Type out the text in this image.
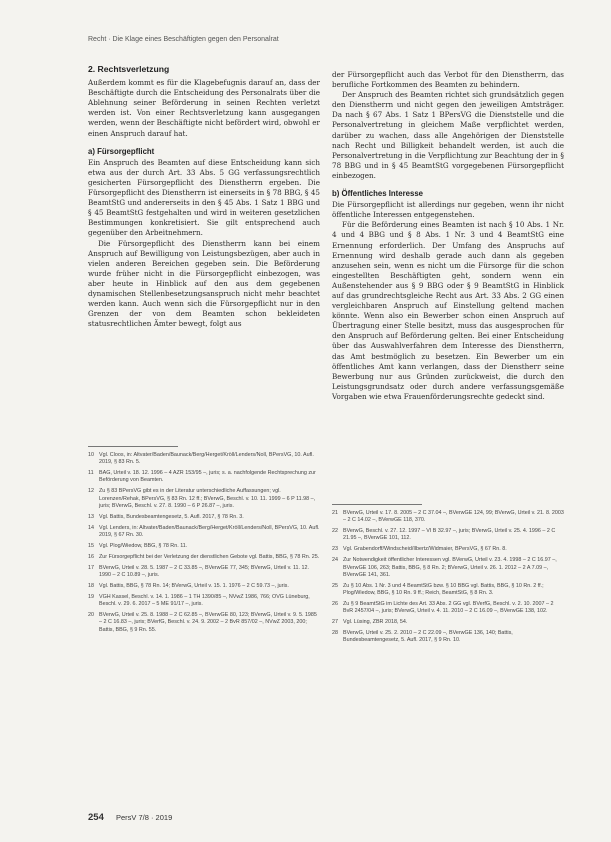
Recht · Die Klage eines Beschäftigten gegen den Personalrat
2. Rechtsverletzung

Außerdem kommt es für die Klagebefugnis darauf an, dass der Beschäftigte durch die Entscheidung des Personalrats über die Ablehnung seiner Beförderung in seinen Rechten verletzt werden ist. Von einer Rechtsverletzung kann ausgegangen werden, wenn der Beschäftigte nicht befördert wird, obwohl er einen Anspruch darauf hat.

a) Fürsorgepflicht

Ein Anspruch des Beamten auf diese Entscheidung kann sich etwa aus der durch Art. 33 Abs. 5 GG verfassungsrechtlich gesicherten Fürsorgepflicht des Dienstherrn ergeben. Die Fürsorgepflicht des Dienstherrn ist einerseits in § 78 BBG, § 45 BeamtStG und andererseits in den § 45 Abs. 1 Satz 1 BBG und § 45 BeamtStG festgehalten und wird in weiteren gesetzlichen Bestimmungen konkretisiert. Sie gilt entsprechend auch gegenüber den Arbeitnehmern.

Die Fürsorgepflicht des Dienstherrn kann bei einem Anspruch auf Bewilligung von Leistungsbezügen, aber auch in vielen anderen Bereichen gegeben sein. Die Beförderung wurde früher nicht in die Fürsorgepflicht einbezogen, was aber heute in Hinblick auf den aus dem gegebenen dynamischen Stellenbesetzungsanspruch nicht mehr beachtet werden kann. Auch wenn sich die Fürsorgepflicht nur in den Grenzen der von dem Beamten schon bekleideten statusrechtlichen Ämter bewegt, folgt aus

der Fürsorgepflicht auch das Verbot für den Dienstherrn, das berufliche Fortkommen des Beamten zu behindern.

Der Anspruch des Beamten richtet sich grundsätzlich gegen den Dienstherrn und nicht gegen den jeweiligen Amtsträger. Da nach § 67 Abs. 1 Satz 1 BPersVG die Dienststelle und die Personalvertretung in gleichem Maße verpflichtet werden, darüber zu wachen, dass alle Angehörigen der Dienststelle nach Recht und Billigkeit behandelt werden, ist auch die Personalvertretung in die Verpflichtung zur Beachtung der in § 78 BBG und in § 45 BeamtStG vorgegebenen Fürsorgepflicht einbezogen.

b) Öffentliches Interesse

Die Fürsorgepflicht ist allerdings nur gegeben, wenn ihr nicht öffentliche Interessen entgegenstehen.

Für die Beförderung eines Beamten ist nach § 10 Abs. 1 Nr. 4 und 4 BBG und § 8 Abs. 1 Nr. 3 und 4 BeamtStG eine Ernennung erforderlich. Der Umfang des Anspruchs auf Ernennung wird deshalb gerade auch dann als gegeben anzusehen sein, wenn es nicht um die Fürsorge für die schon eingestellten Beschäftigten geht, sondern wenn ein Außenstehender aus § 9 BBG oder § 9 BeamtStG in Hinblick auf das grundrechtsgleiche Recht aus Art. 33 Abs. 2 GG einen vergleichbaren Anspruch auf Einstellung geltend machen könnte. Wenn also ein Bewerber schon einen Anspruch auf Übertragung einer Stelle besitzt, muss das ausgesprochen für den Anspruch auf Beförderung gelten. Bei einer Entscheidung über das Auswahlverfahren dem Interesse des Dienstherrn, das Amt bestmöglich zu besetzen. Ein Bewerber um ein öffentliches Amt kann verlangen, dass der Dienstherr seine Bewerbung nur aus Gründen zurückweist, die durch den Leistungsgrundsatz oder durch andere verfassungsgemäße Vorgaben wie etwa Frauenförderungsrechte gedeckt sind.

10 Vgl. Cloos, in: Altvater/Baden/Baunack/Berg/Herget/Kröll/Lenders/Noll, BPersVG, 10. Aufl. 2019, § 83 Rn. 5.
11 BAG, Urteil v. 18. 12. 1996 – 4 AZR 153/95 –, juris; s. a. nachfolgende Rechtsprechung zur Beförderung von Beamten.
12 Zu § 83 BPersVG gibt es in der Literatur unterschiedliche Auffassungen; vgl. Lorenzen/Rehak, BPersVG, § 83 Rn. 12 ff.; BVerwG, Beschl. v. 10. 11. 1999 – 6 P 11.98 –, juris; BVerwG, Beschl. v. 27. 8. 1990 – 6 P 26.87 –, juris.
13 Vgl. Battis, Bundesbeamtengesetz, 5. Aufl. 2017, § 78 Rn. 3.
14 Vgl. Lenders, in: Altvater/Baden/Baunack/Berg/Herget/Kröll/Lenders/Noll, BPersVG, 10. Aufl. 2019, § 67 Rn. 30.
15 Vgl. Plog/Wiedow, BBG, § 78 Rn. 11.
16 Zur Fürsorgepflicht bei der Verletzung der dienstlichen Gebote vgl. Battis, BBG, § 78 Rn. 25.
17 BVerwG, Urteil v. 28. 5. 1987 – 2 C 33.85 –, BVerwGE 77, 345; BVerwG, Urteil v. 11. 12. 1990 – 2 C 10.89 –, juris.
18 Vgl. Battis, BBG, § 78 Rn. 14; BVerwG, Urteil v. 15. 1. 1976 – 2 C 59.73 –, juris.
19 VGH Kassel, Beschl. v. 14. 1. 1986 – 1 TH 1390/85 –, NVwZ 1986, 766; OVG Lüneburg, Beschl. v. 29. 6. 2017 – 5 ME 91/17 –, juris.
20 BVerwG, Urteil v. 25. 8. 1988 – 2 C 62.85 –, BVerwGE 80, 123; BVerwG, Urteil v. 9. 5. 1985 – 2 C 16.83 –, juris; BVerfG, Beschl. v. 24. 9. 2002 – 2 BvR 857/02 –, NVwZ 2003, 200; Battis, BBG, § 9 Rn. 55.
21 BVerwG, Urteil v. 17. 8. 2005 – 2 C 37.04 –, BVerwGE 124, 99; BVerwG, Urteil v. 21. 8. 2003 – 2 C 14.02 –, BVerwGE 118, 370.
22 BVerwG, Beschl. v. 27. 12. 1997 – VI B 32.97 –, juris; BVerwG, Urteil v. 25. 4. 1996 – 2 C 21.95 –, BVerwGE 101, 112.
23 Vgl. Grabendorff/Windscheid/Ilbertz/Widmaier, BPersVG, § 67 Rn. 8.
24 Zur Notwendigkeit öffentlicher Interessen vgl. BVerwG, Urteil v. 23. 4. 1998 – 2 C 16.97 –, BVerwGE 106, 263; Battis, BBG, § 8 Rn. 2; BVerwG, Urteil v. 26. 1. 2012 – 2 A 7.09 –, BVerwGE 141, 361.
25 Zu § 10 Abs. 1 Nr. 3 und 4 BeamtStG bzw. § 10 BBG vgl. Battis, BBG, § 10 Rn. 2 ff.; Plog/Wiedow, BBG, § 10 Rn. 9 ff.; Reich, BeamtStG, § 8 Rn. 3.
26 Zu § 9 BeamtStG im Lichte des Art. 33 Abs. 2 GG vgl. BVerfG, Beschl. v. 2. 10. 2007 – 2 BvR 2457/04 –, juris; BVerwG, Urteil v. 4. 11. 2010 – 2 C 16.09 –, BVerwGE 138, 102.
27 Vgl. Lüsing, ZBR 2018, 54.
28 BVerwG, Urteil v. 25. 2. 2010 – 2 C 22.09 –, BVerwGE 136, 140; Battis, Bundesbeamtengesetz, 5. Aufl. 2017, § 9 Rn. 10.
254 PersV 7/8 · 2019
